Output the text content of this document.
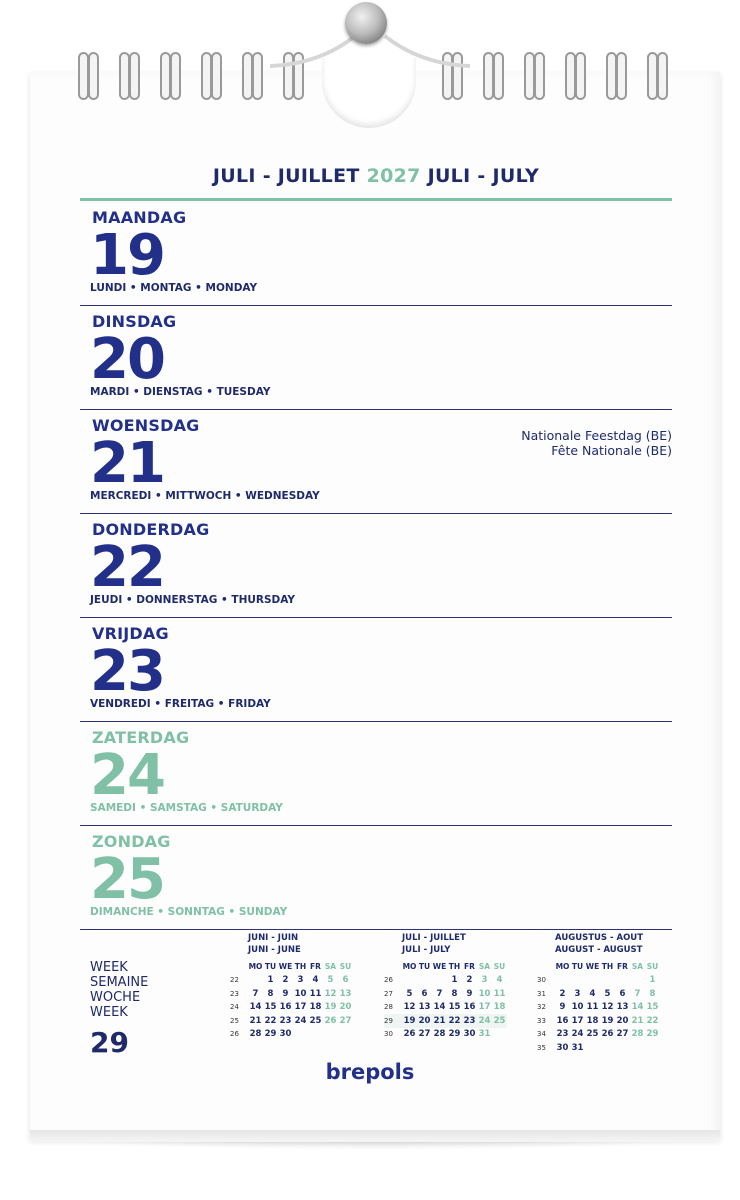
JULI - JUILLET 2027 JULI - JULY
MAANDAG
19
LUNDI • MONTAG • MONDAY
DINSDAG
20
MARDI • DIENSTAG • TUESDAY
WOENSDAG
21
MERCREDI • MITTWOCH • WEDNESDAY
Nationale Feestdag (BE)
Fête Nationale (BE)
DONDERDAG
22
JEUDI • DONNERSTAG • THURSDAY
VRIJDAG
23
VENDREDI • FREITAG • FRIDAY
ZATERDAG
24
SAMEDI • SAMSTAG • SATURDAY
ZONDAG
25
DIMANCHE • SONNTAG • SUNDAY
WEEK
SEMAINE
WOCHE
WEEK
29
JUNI - JUIN
JUNI - JUNE
	MO	TU	WE	TH	FR	SA	SU
22		1	2	3	4	5	6
23	7	8	9	10	11	12	13
24	14	15	16	17	18	19	20
25	21	22	23	24	25	26	27
26	28	29	30				
JULI - JUILLET
JULI - JULY
	MO	TU	WE	TH	FR	SA	SU
26				1	2	3	4
27	5	6	7	8	9	10	11
28	12	13	14	15	16	17	18
29	19	20	21	22	23	24	25
30	26	27	28	29	30	31	
AUGUSTUS - AOUT
AUGUST - AUGUST
	MO	TU	WE	TH	FR	SA	SU
30							1
31	2	3	4	5	6	7	8
32	9	10	11	12	13	14	15
33	16	17	18	19	20	21	22
34	23	24	25	26	27	28	29
35	30	31					
brepols
